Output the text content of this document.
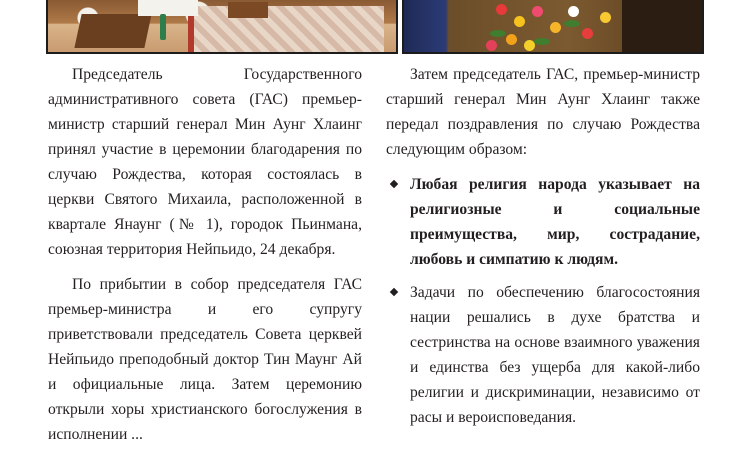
Председатель Государственного административного совета (ГАС) премьер-министр старший генерал Мин Аунг Хлаинг принял участие в церемонии благодарения по случаю Рождества, которая состоялась в церкви Святого Михаила, расположенной в квартале Янаунг (№ 1), городок Пьинмана, союзная территория Нейпьидо, 24 декабря.

По прибытии в собор председателя ГАС премьер-министра и его супругу приветствовали председатель Совета церквей Нейпьидо преподобный доктор Тин Маунг Ай и официальные лица. Затем церемонию открыли хоры христианского богослужения в исполнении ...

Затем председатель ГАС, премьер-министр старший генерал Мин Аунг Хлаинг также передал поздравления по случаю Рождества следующим образом:

Любая религия народа указывает на религиозные и социальные преимущества, мир, сострадание, любовь и симпатию к людям.
Задачи по обеспечению благосостояния нации решались в духе братства и сестринства на основе взаимного уважения и единства без ущерба для какой-либо религии и дискриминации, независимо от расы и вероисповедания.
